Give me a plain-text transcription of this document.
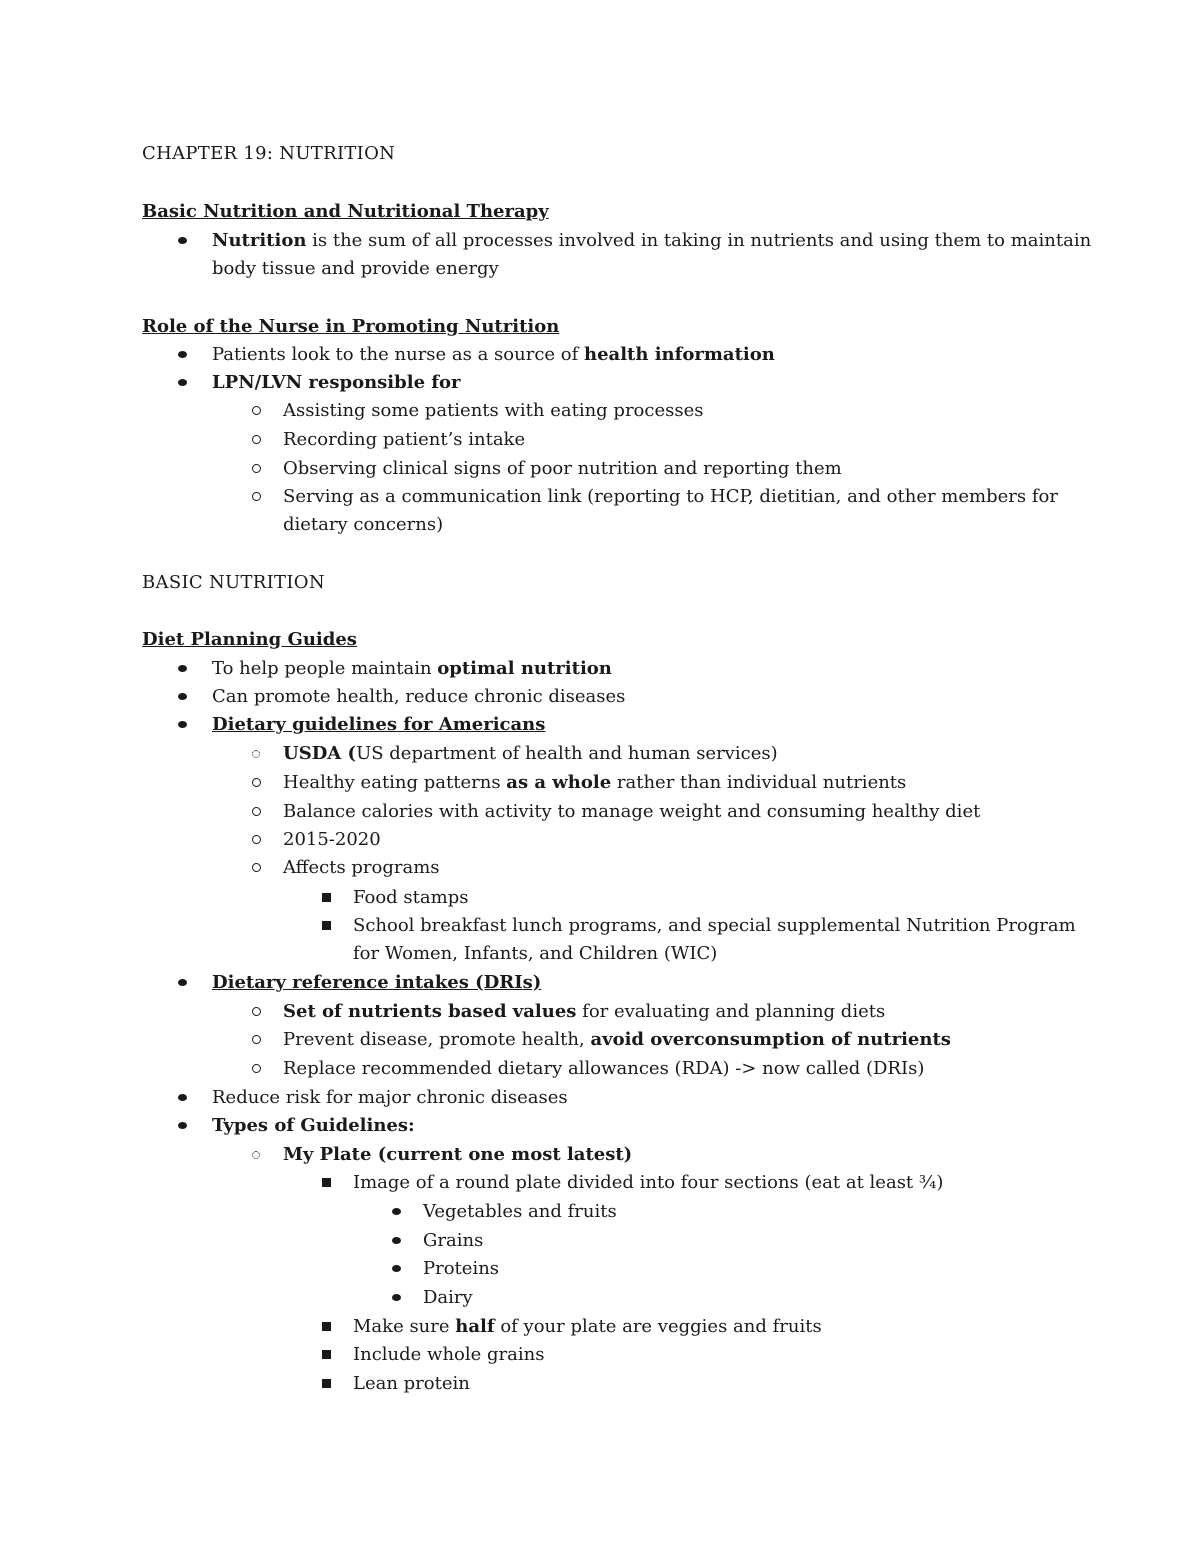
CHAPTER 19: NUTRITION
Basic Nutrition and Nutritional Therapy
Nutrition is the sum of all processes involved in taking in nutrients and using them to maintain
body tissue and provide energy
Role of the Nurse in Promoting Nutrition
Patients look to the nurse as a source of health information
LPN/LVN responsible for
Assisting some patients with eating processes
Recording patient’s intake
Observing clinical signs of poor nutrition and reporting them
Serving as a communication link (reporting to HCP, dietitian, and other members for
dietary concerns)
BASIC NUTRITION
Diet Planning Guides
To help people maintain optimal nutrition
Can promote health, reduce chronic diseases
Dietary guidelines for Americans
USDA (US department of health and human services)
Healthy eating patterns as a whole rather than individual nutrients
Balance calories with activity to manage weight and consuming healthy diet
2015-2020
Affects programs
Food stamps
School breakfast lunch programs, and special supplemental Nutrition Program
for Women, Infants, and Children (WIC)
Dietary reference intakes (DRIs)
Set of nutrients based values for evaluating and planning diets
Prevent disease, promote health, avoid overconsumption of nutrients
Replace recommended dietary allowances (RDA) -> now called (DRIs)
Reduce risk for major chronic diseases
Types of Guidelines:
My Plate (current one most latest)
Image of a round plate divided into four sections (eat at least ¾)
Vegetables and fruits
Grains
Proteins
Dairy
Make sure half of your plate are veggies and fruits
Include whole grains
Lean protein
